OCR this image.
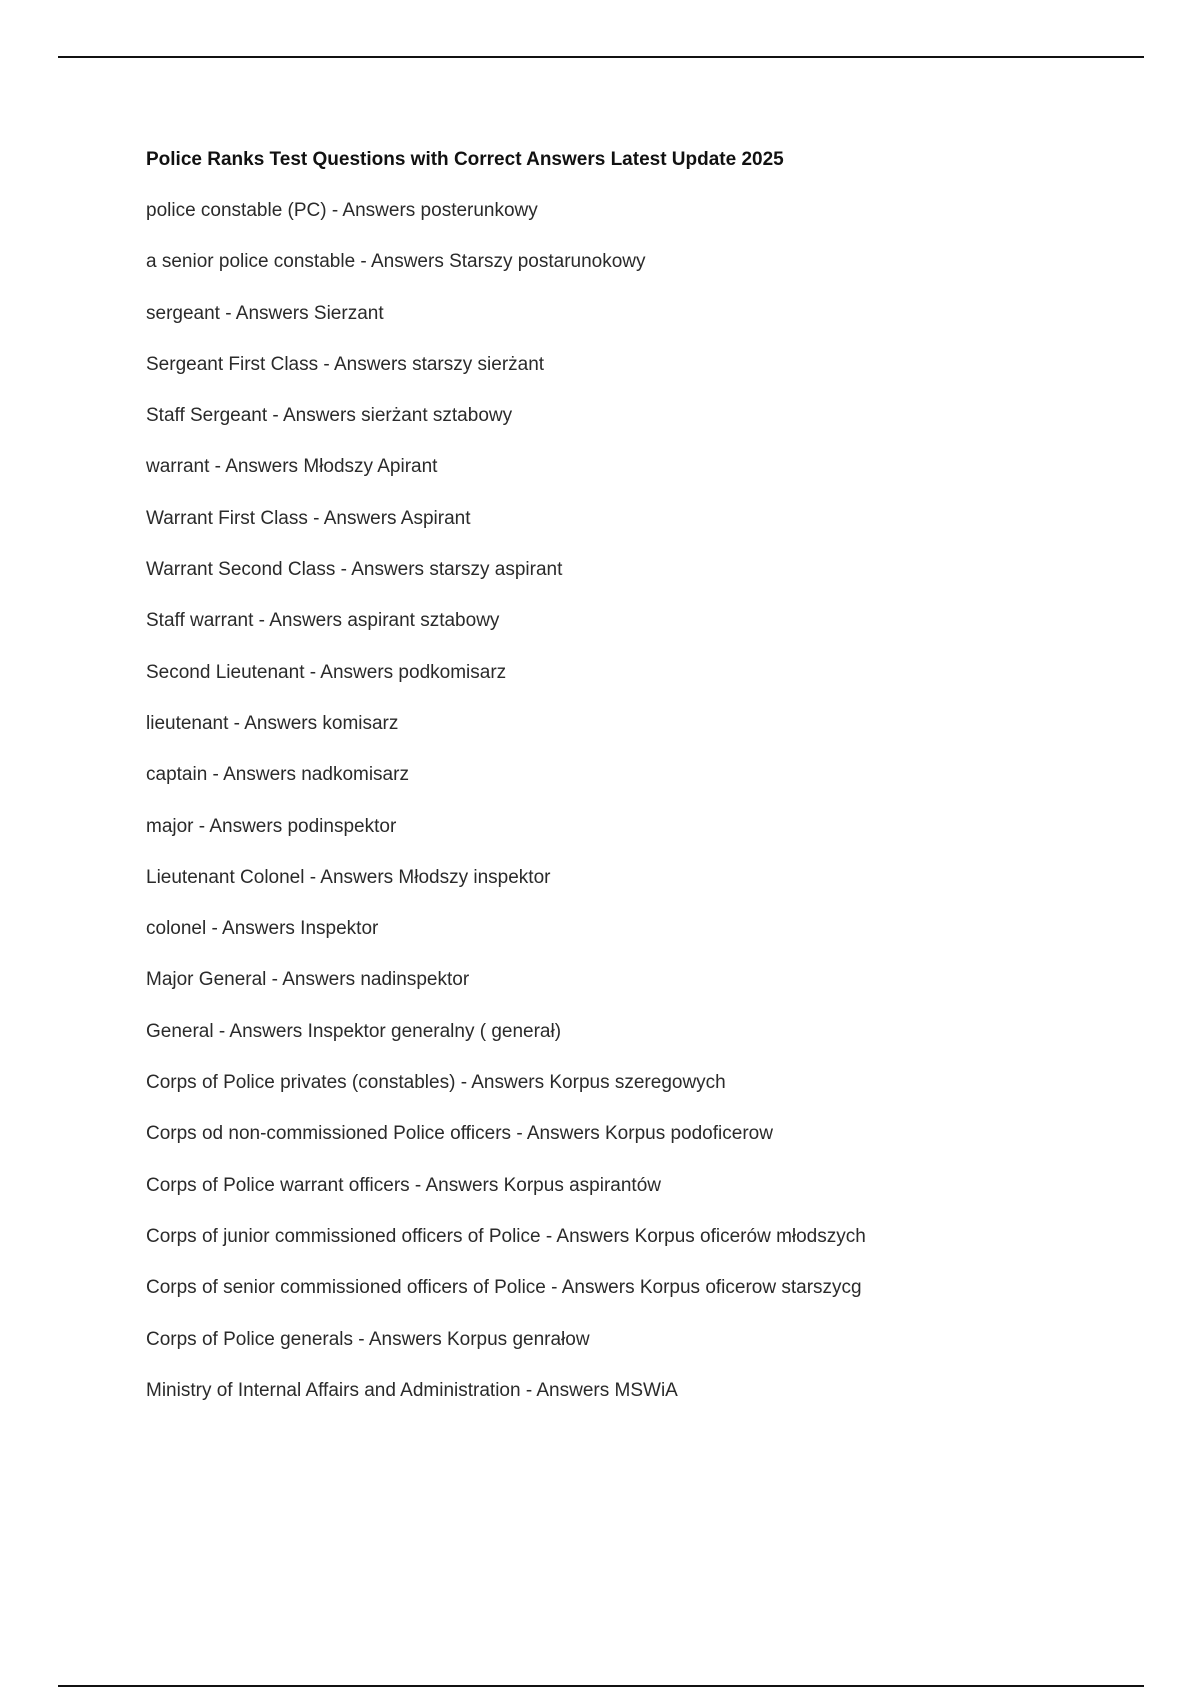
Police Ranks Test Questions with Correct Answers Latest Update 2025
police constable (PC) - Answers posterunkowy
a senior police constable - Answers Starszy postarunokowy
sergeant - Answers Sierzant
Sergeant First Class - Answers starszy sierżant
Staff Sergeant - Answers sierżant sztabowy
warrant - Answers Młodszy Apirant
Warrant First Class - Answers Aspirant
Warrant Second Class - Answers starszy aspirant
Staff warrant - Answers aspirant sztabowy
Second Lieutenant - Answers podkomisarz
lieutenant - Answers komisarz
captain - Answers nadkomisarz
major - Answers podinspektor
Lieutenant Colonel - Answers Młodszy inspektor
colonel - Answers Inspektor
Major General - Answers nadinspektor
General - Answers Inspektor generalny ( generał)
Corps of Police privates (constables) - Answers Korpus szeregowych
Corps od non-commissioned Police officers - Answers Korpus podoficerow
Corps of Police warrant officers - Answers Korpus aspirantów
Corps of junior commissioned officers of Police - Answers Korpus oficerów młodszych
Corps of senior commissioned officers of Police - Answers Korpus oficerow starszycg
Corps of Police generals - Answers Korpus genrałow
Ministry of Internal Affairs and Administration - Answers MSWiA
